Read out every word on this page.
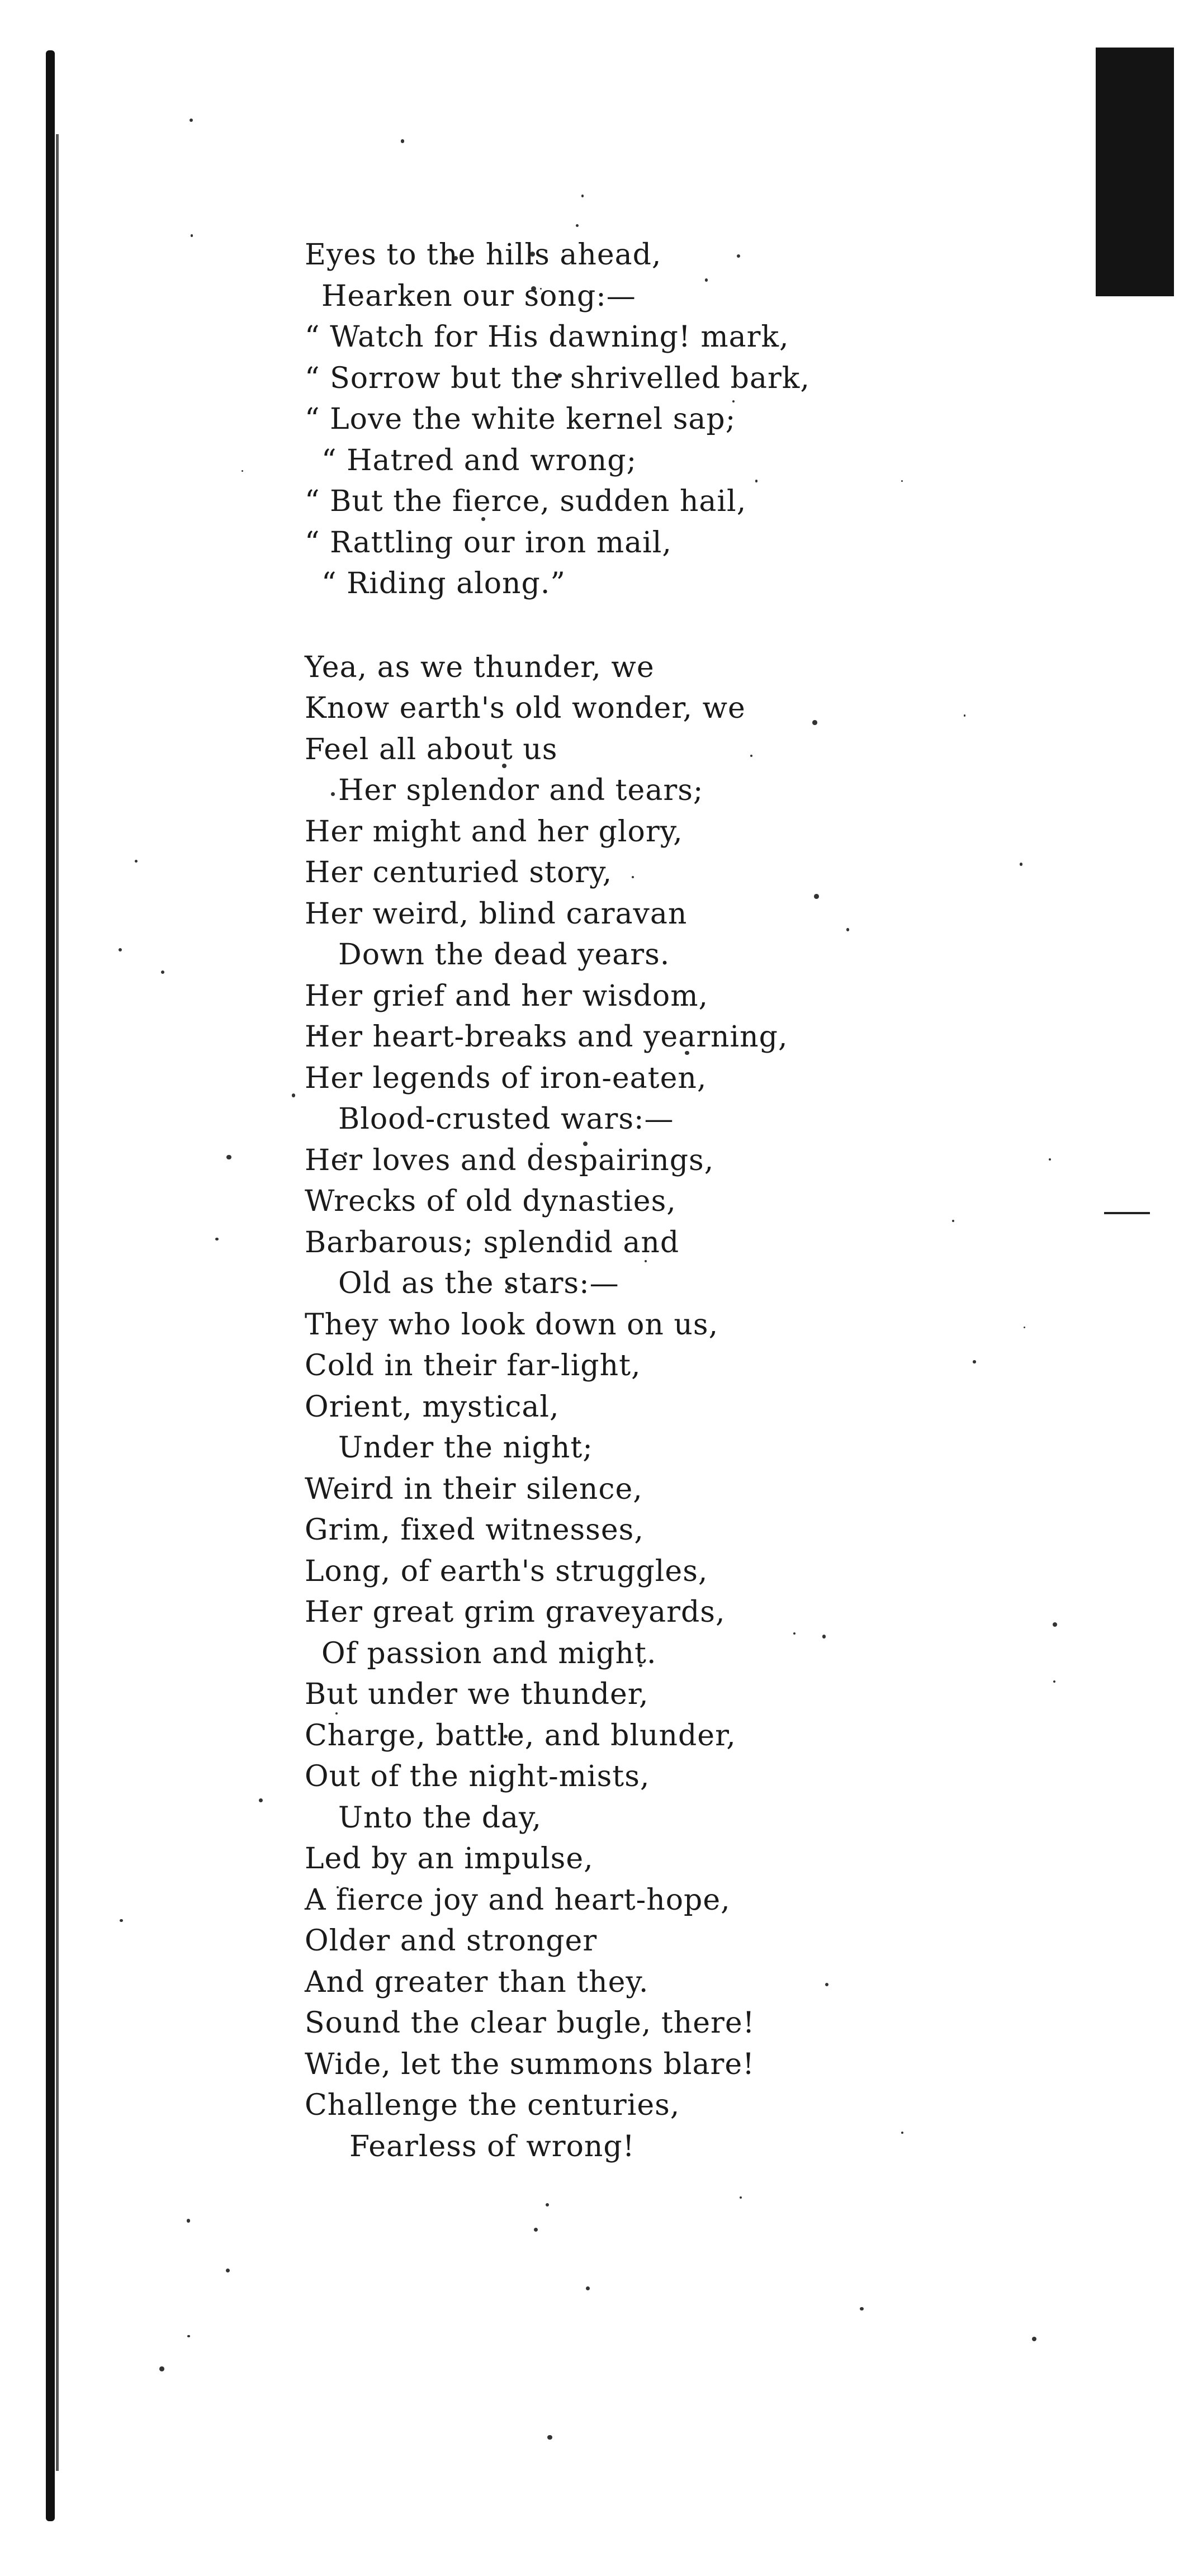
Eyes to the hills ahead,
Hearken our song:—
“ Watch for His dawning! mark,
“ Sorrow but the shrivelled bark,
“ Love the white kernel sap;
“ Hatred and wrong;
“ But the fierce, sudden hail,
“ Rattling our iron mail,
“ Riding along.”
Yea, as we thunder, we
Know earth's old wonder, we
Feel all about us
Her splendor and tears;
Her might and her glory,
Her centuried story,
Her weird, blind caravan
Down the dead years.
Her grief and her wisdom,
Her heart-breaks and yearning,
Her legends of iron-eaten,
Blood-crusted wars:—
Her loves and despairings,
Wrecks of old dynasties,
Barbarous; splendid and
Old as the stars:—
They who look down on us,
Cold in their far-light,
Orient, mystical,
Under the night;
Weird in their silence,
Grim, fixed witnesses,
Long, of earth's struggles,
Her great grim graveyards,
Of passion and might.
But under we thunder,
Charge, battle, and blunder,
Out of the night-mists,
Unto the day,
Led by an impulse,
A fierce joy and heart-hope,
Older and stronger
And greater than they.
Sound the clear bugle, there!
Wide, let the summons blare!
Challenge the centuries,
Fearless of wrong!
